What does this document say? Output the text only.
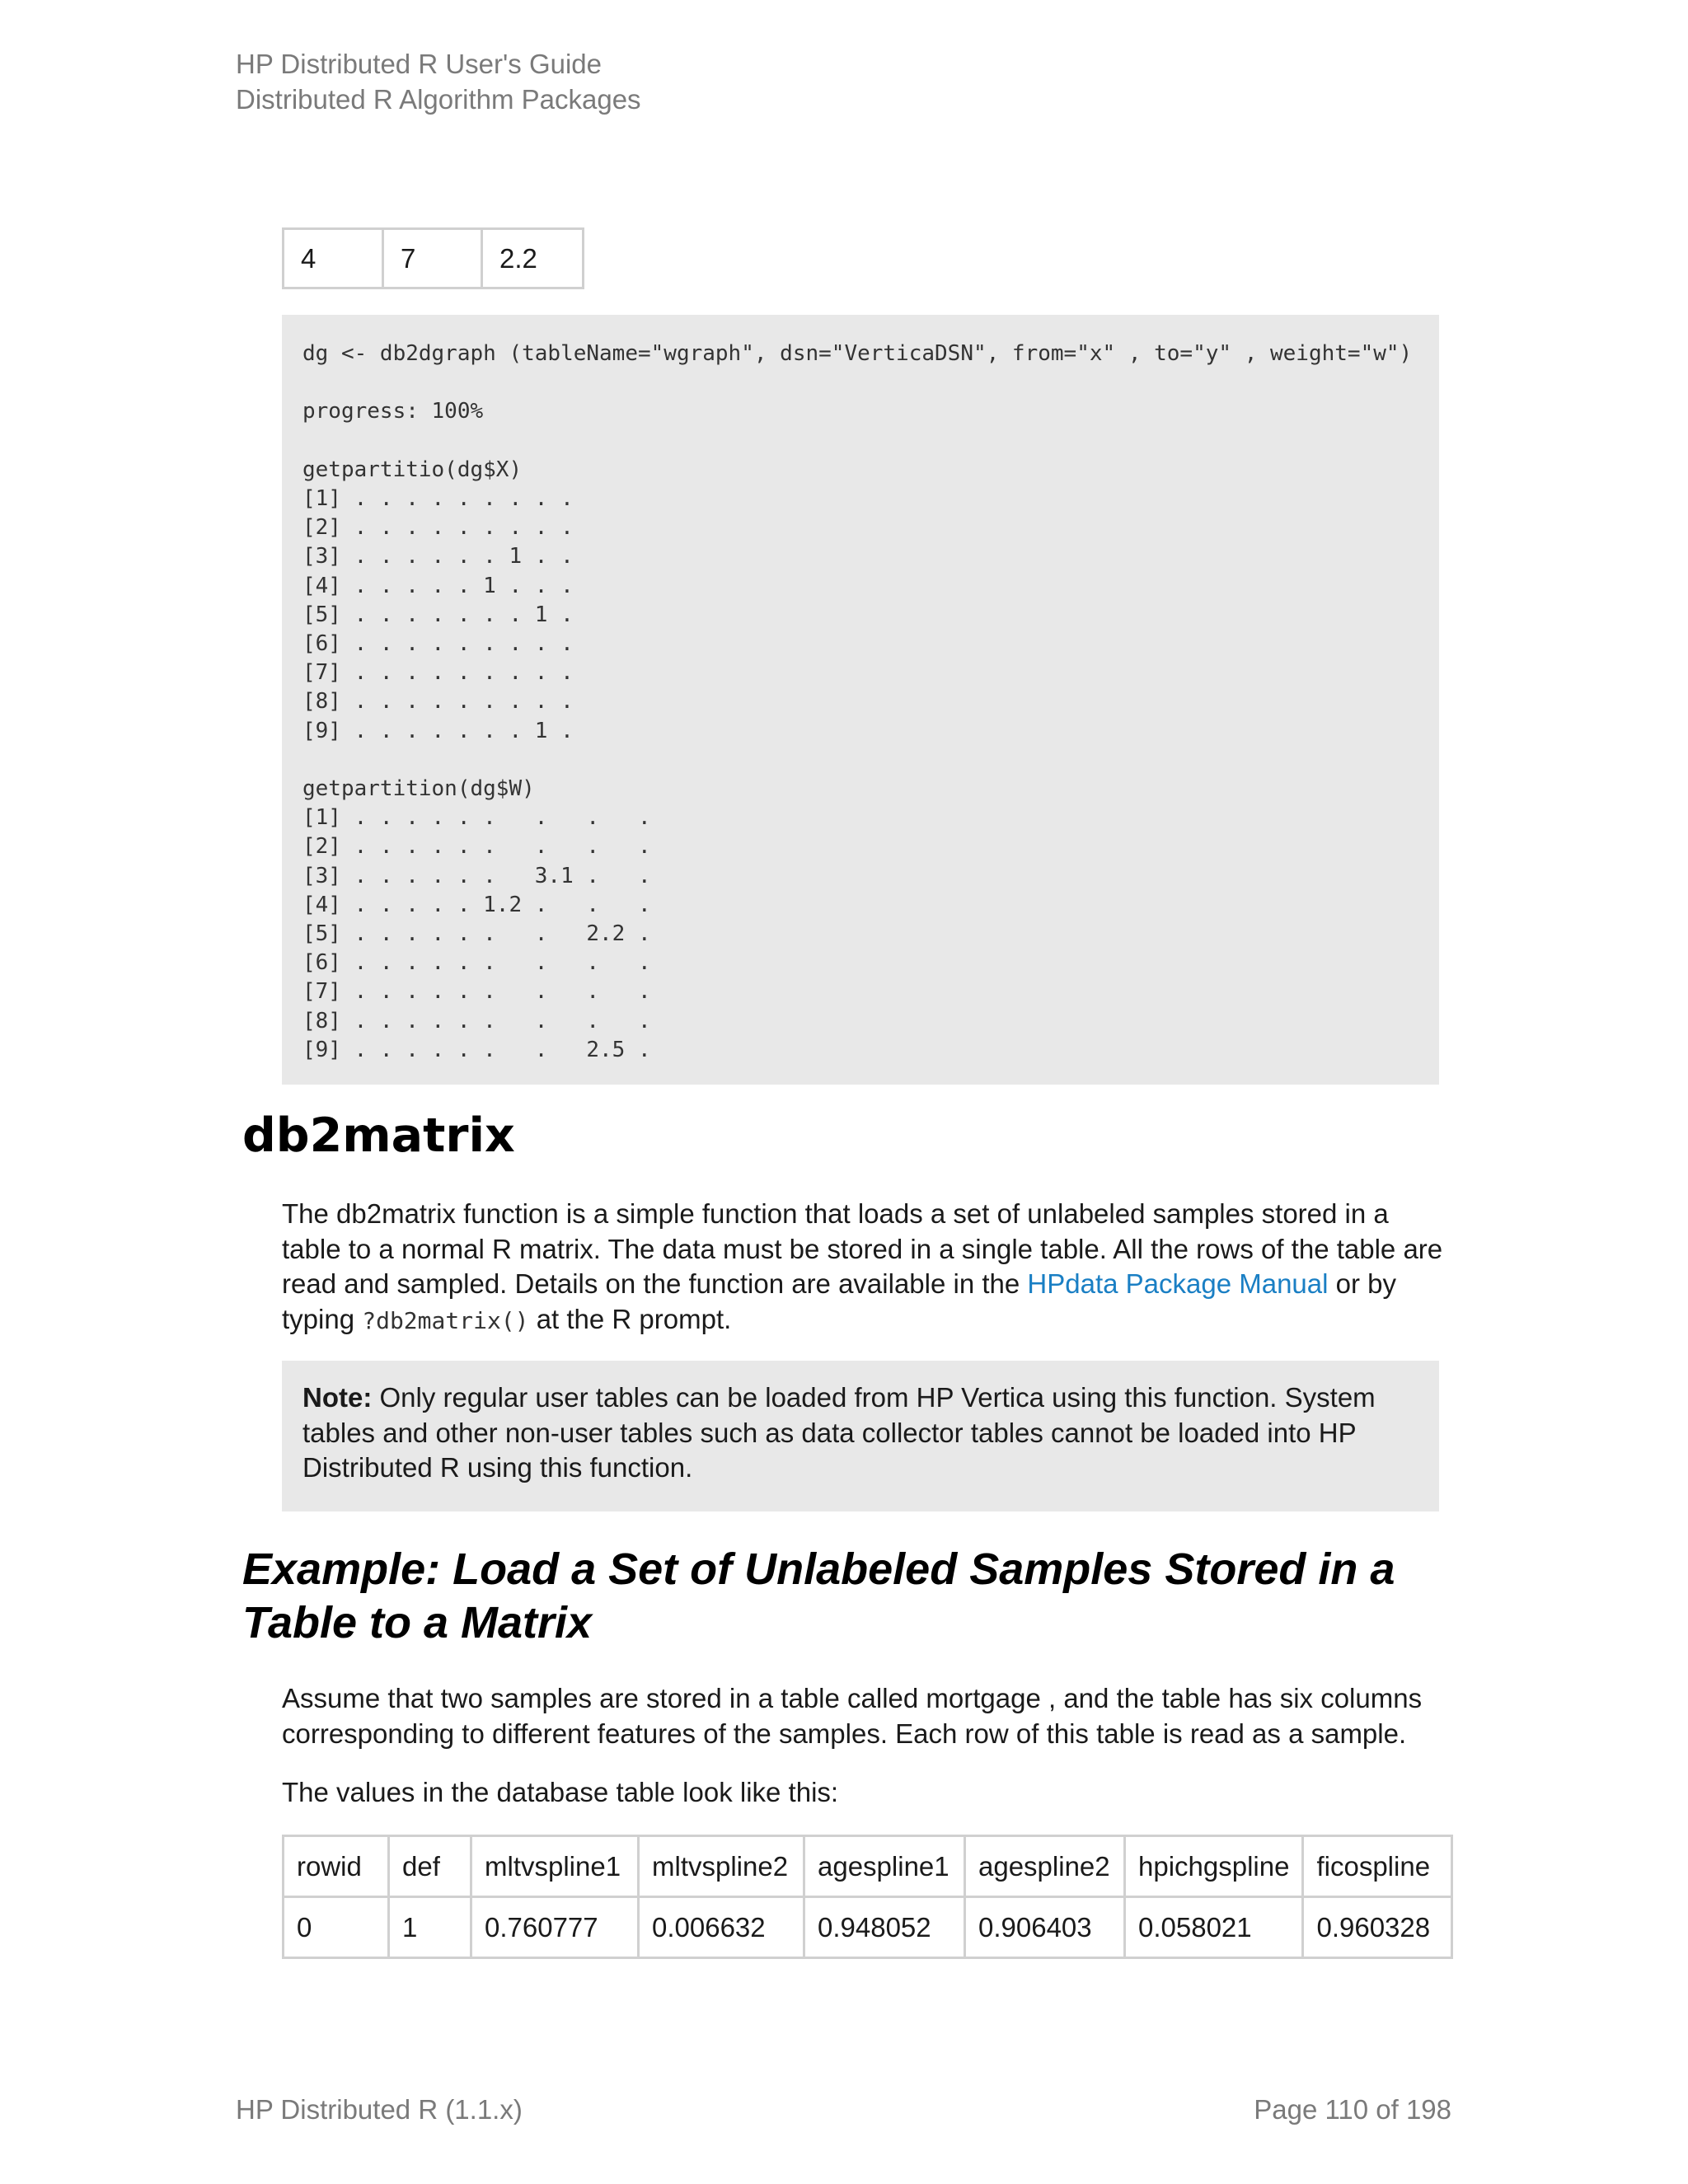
HP Distributed R User's Guide
Distributed R Algorithm Packages
4	7	2.2
dg <- db2dgraph (tableName="wgraph", dsn="VerticaDSN", from="x" , to="y" , weight="w")

progress: 100%

getpartitio(dg$X)
[1] . . . . . . . . .
[2] . . . . . . . . .
[3] . . . . . . 1 . .
[4] . . . . . 1 . . .
[5] . . . . . . . 1 .
[6] . . . . . . . . .
[7] . . . . . . . . .
[8] . . . . . . . . .
[9] . . . . . . . 1 .

getpartition(dg$W)
[1] . . . . . .   .   .   .
[2] . . . . . .   .   .   .
[3] . . . . . .   3.1 .   .
[4] . . . . . 1.2 .   .   .
[5] . . . . . .   .   2.2 .
[6] . . . . . .   .   .   .
[7] . . . . . .   .   .   .
[8] . . . . . .   .   .   .
[9] . . . . . .   .   2.5 .
db2matrix
The db2matrix function is a simple function that loads a set of unlabeled samples stored in a table to a normal R matrix. The data must be stored in a single table. All the rows of the table are read and sampled. Details on the function are available in the HPdata Package Manual or by typing ?db2matrix() at the R prompt.
Note: Only regular user tables can be loaded from HP Vertica using this function. System tables and other non-user tables such as data collector tables cannot be loaded into HP Distributed R using this function.
Example: Load a Set of Unlabeled Samples Stored in a Table to a Matrix
Assume that two samples are stored in a table called mortgage , and the table has six columns corresponding to different features of the samples. Each row of this table is read as a sample.
The values in the database table look like this:
rowid	def	mltvspline1	mltvspline2	agespline1	agespline2	hpichgspline	ficospline
0	1	0.760777	0.006632	0.948052	0.906403	0.058021	0.960328
HP Distributed R (1.1.x)	Page 110 of 198
